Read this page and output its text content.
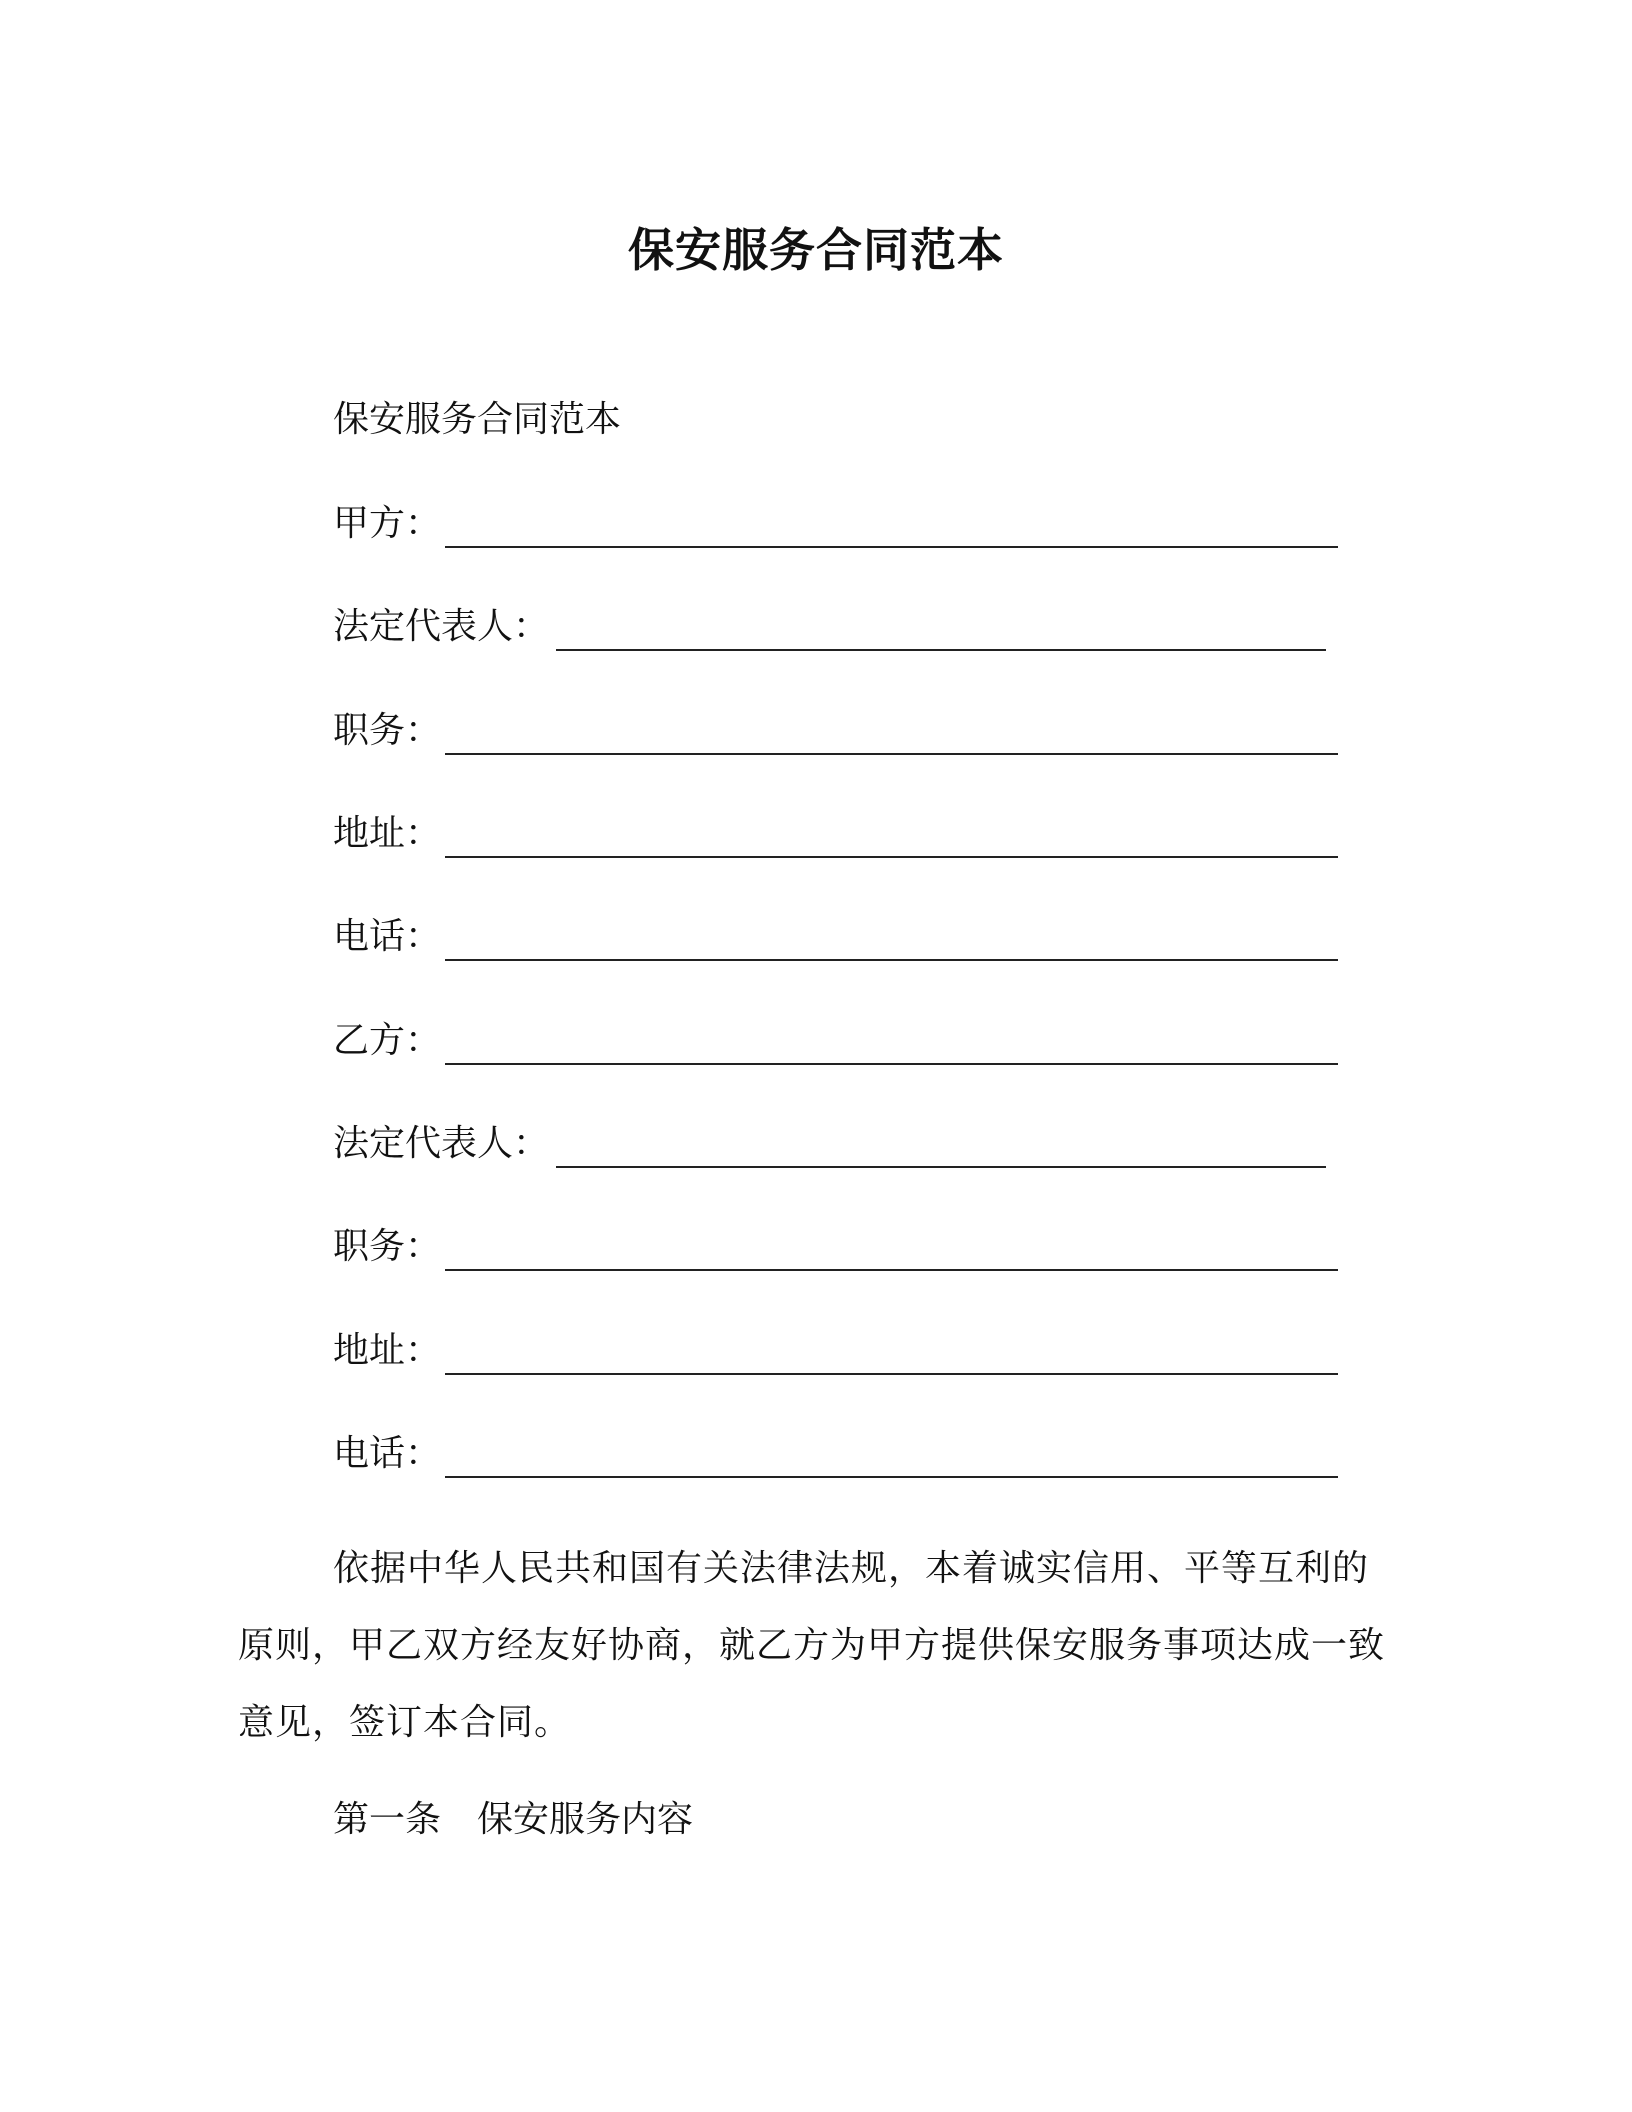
保安服务合同范本
保安服务合同范本
甲方：
法定代表人：
职务：
地址：
电话：
乙方：
法定代表人：
职务：
地址：
电话：
依据中华人民共和国有关法律法规，本着诚实信用、平等互利的原则，甲乙双方经友好协商，就乙方为甲方提供保安服务事项达成一致意见，签订本合同。
第一条　保安服务内容
